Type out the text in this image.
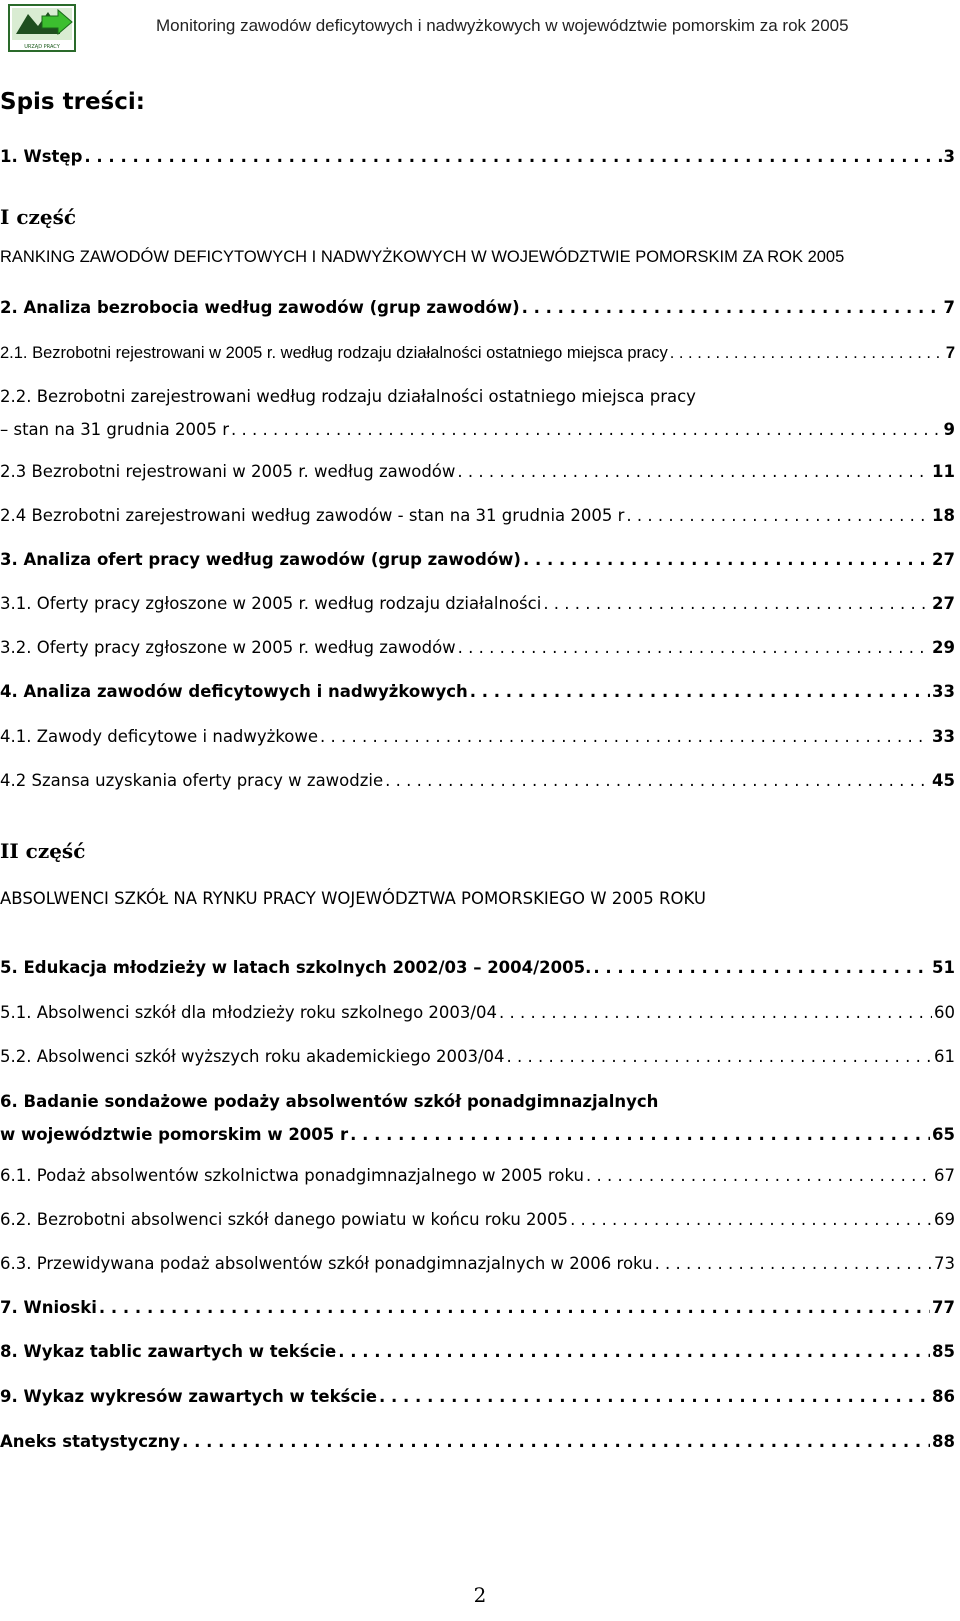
URZĄD PRACY
Monitoring zawodów deficytowych i nadwyżkowych w województwie pomorskim za rok 2005
Spis treści:
1. Wstęp . . .	3
I część
RANKING ZAWODÓW DEFICYTOWYCH I NADWYŻKOWYCH W WOJEWÓDZTWIE POMORSKIM ZA ROK 2005
2. Analiza bezrobocia według zawodów (grup zawodów) . . .	7
2.1. Bezrobotni rejestrowani w 2005 r. według rodzaju działalności ostatniego miejsca pracy . . .	7
2.2. Bezrobotni zarejestrowani według rodzaju działalności ostatniego miejsca pracy
– stan na 31 grudnia 2005 r . . .	9
2.3 Bezrobotni rejestrowani w 2005 r. według zawodów . . .	11
2.4 Bezrobotni zarejestrowani według zawodów - stan na 31 grudnia 2005 r . . .	18
3. Analiza ofert pracy według zawodów (grup zawodów) . . .	27
3.1. Oferty pracy zgłoszone w 2005 r. według rodzaju działalności . . .	27
3.2. Oferty pracy zgłoszone w 2005 r. według zawodów . . .	29
4. Analiza zawodów deficytowych i nadwyżkowych . . .	33
4.1. Zawody deficytowe i nadwyżkowe . . .	33
4.2 Szansa uzyskania oferty pracy w zawodzie . . .	45
II część
ABSOLWENCI SZKÓŁ NA RYNKU PRACY WOJEWÓDZTWA POMORSKIEGO W 2005 ROKU
5. Edukacja młodzieży w latach szkolnych 2002/03 – 2004/2005. . . .	51
5.1. Absolwenci szkół dla młodzieży roku szkolnego 2003/04 . . .	60
5.2. Absolwenci szkół wyższych roku akademickiego 2003/04 . . .	61
6. Badanie sondażowe podaży absolwentów szkół ponadgimnazjalnych
w województwie pomorskim w 2005 r . . .	65
6.1. Podaż absolwentów szkolnictwa ponadgimnazjalnego w 2005 roku . . .	67
6.2. Bezrobotni absolwenci szkół danego powiatu w końcu roku 2005 . . .	69
6.3. Przewidywana podaż absolwentów szkół ponadgimnazjalnych w 2006 roku . . .	73
7. Wnioski . . .	77
8. Wykaz tablic zawartych w tekście . . .	85
9. Wykaz wykresów zawartych w tekście . . .	86
Aneks statystyczny . . .	88
2
